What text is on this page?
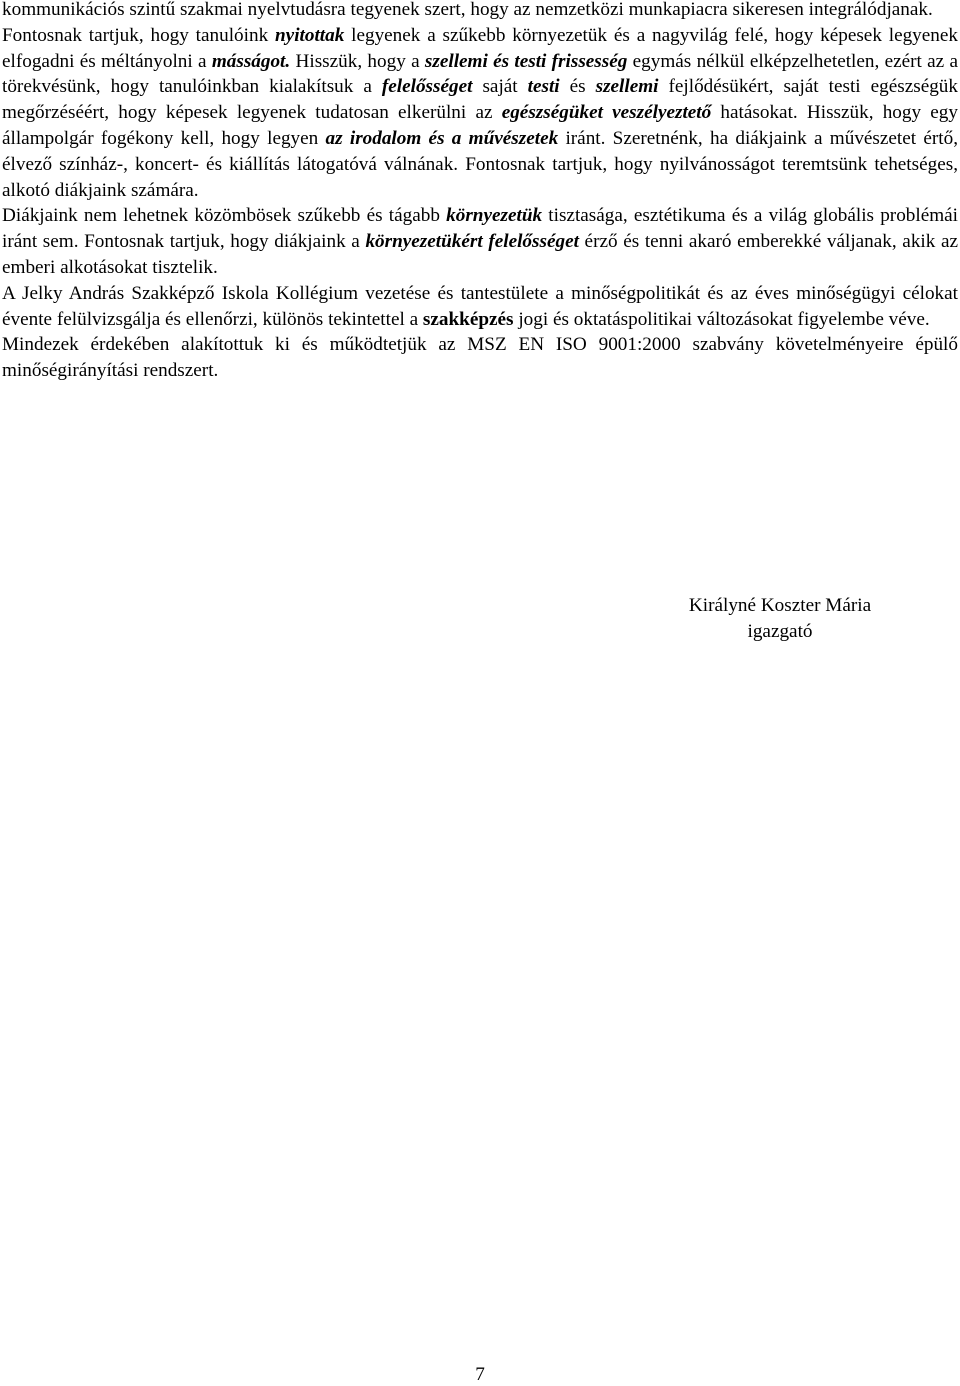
kommunikációs szintű szakmai nyelvtudásra tegyenek szert, hogy az nemzetközi munkapiacra sikeresen integrálódjanak.

Fontosnak tartjuk, hogy tanulóink nyitottak legyenek a szűkebb környezetük és a nagyvilág felé, hogy képesek legyenek elfogadni és méltányolni a másságot. Hisszük, hogy a szellemi és testi frissesség egymás nélkül elképzelhetetlen, ezért az a törekvésünk, hogy tanulóinkban kialakítsuk a felelősséget saját testi és szellemi fejlődésükért, saját testi egészségük megőrzéséért, hogy képesek legyenek tudatosan elkerülni az egészségüket veszélyeztető hatásokat. Hisszük, hogy egy állampolgár fogékony kell, hogy legyen az irodalom és a művészetek iránt. Szeretnénk, ha diákjaink a művészetet értő, élvező színház-, koncert- és kiállítás látogatóvá válnának. Fontosnak tartjuk, hogy nyilvánosságot teremtsünk tehetséges, alkotó diákjaink számára.

Diákjaink nem lehetnek közömbösek szűkebb és tágabb környezetük tisztasága, esztétikuma és a világ globális problémái iránt sem. Fontosnak tartjuk, hogy diákjaink a környezetükért felelősséget érző és tenni akaró emberekké váljanak, akik az emberi alkotásokat tisztelik.

A Jelky András Szakképző Iskola Kollégium vezetése és tantestülete a minőségpolitikát és az éves minőségügyi célokat évente felülvizsgálja és ellenőrzi, különös tekintettel a szakképzés jogi és oktatáspolitikai változásokat figyelembe véve.

Mindezek érdekében alakítottuk ki és működtetjük az MSZ EN ISO 9001:2000 szabvány követelményeire épülő minőségirányítási rendszert.

Királyné Koszter Mária
igazgató
7
